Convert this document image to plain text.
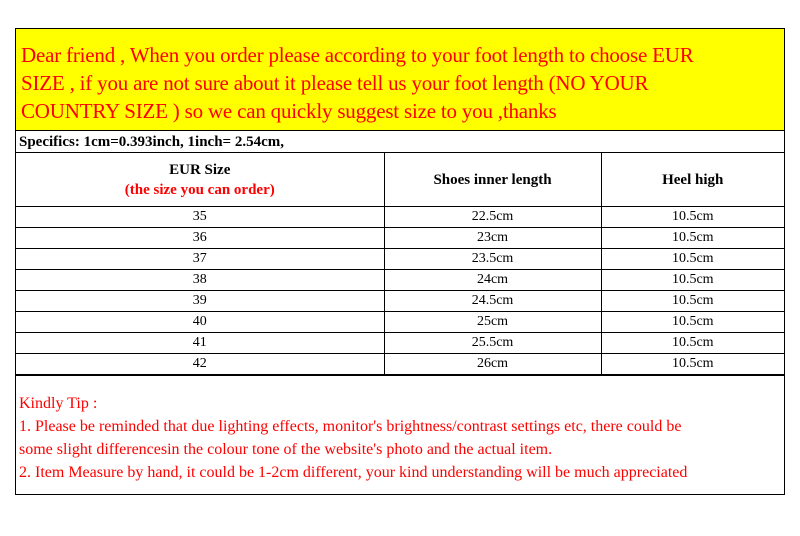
Dear friend , When you order please according to your foot length to choose EUR
SIZE , if you are not sure about it please tell us your foot length (NO YOUR
COUNTRY SIZE ) so we can quickly suggest size to you ,thanks
Specifics: 1cm=0.393inch, 1inch= 2.54cm,
EUR Size
(the size you can order)	Shoes inner length	Heel high
35	22.5cm	10.5cm
36	23cm	10.5cm
37	23.5cm	10.5cm
38	24cm	10.5cm
39	24.5cm	10.5cm
40	25cm	10.5cm
41	25.5cm	10.5cm
42	26cm	10.5cm
Kindly Tip :
1. Please be reminded that due lighting effects, monitor's brightness/contrast settings etc, there could be
some slight differencesin the colour tone of the website's photo and the actual item.
2. Item Measure by hand, it could be 1-2cm different, your kind understanding will be much appreciated
